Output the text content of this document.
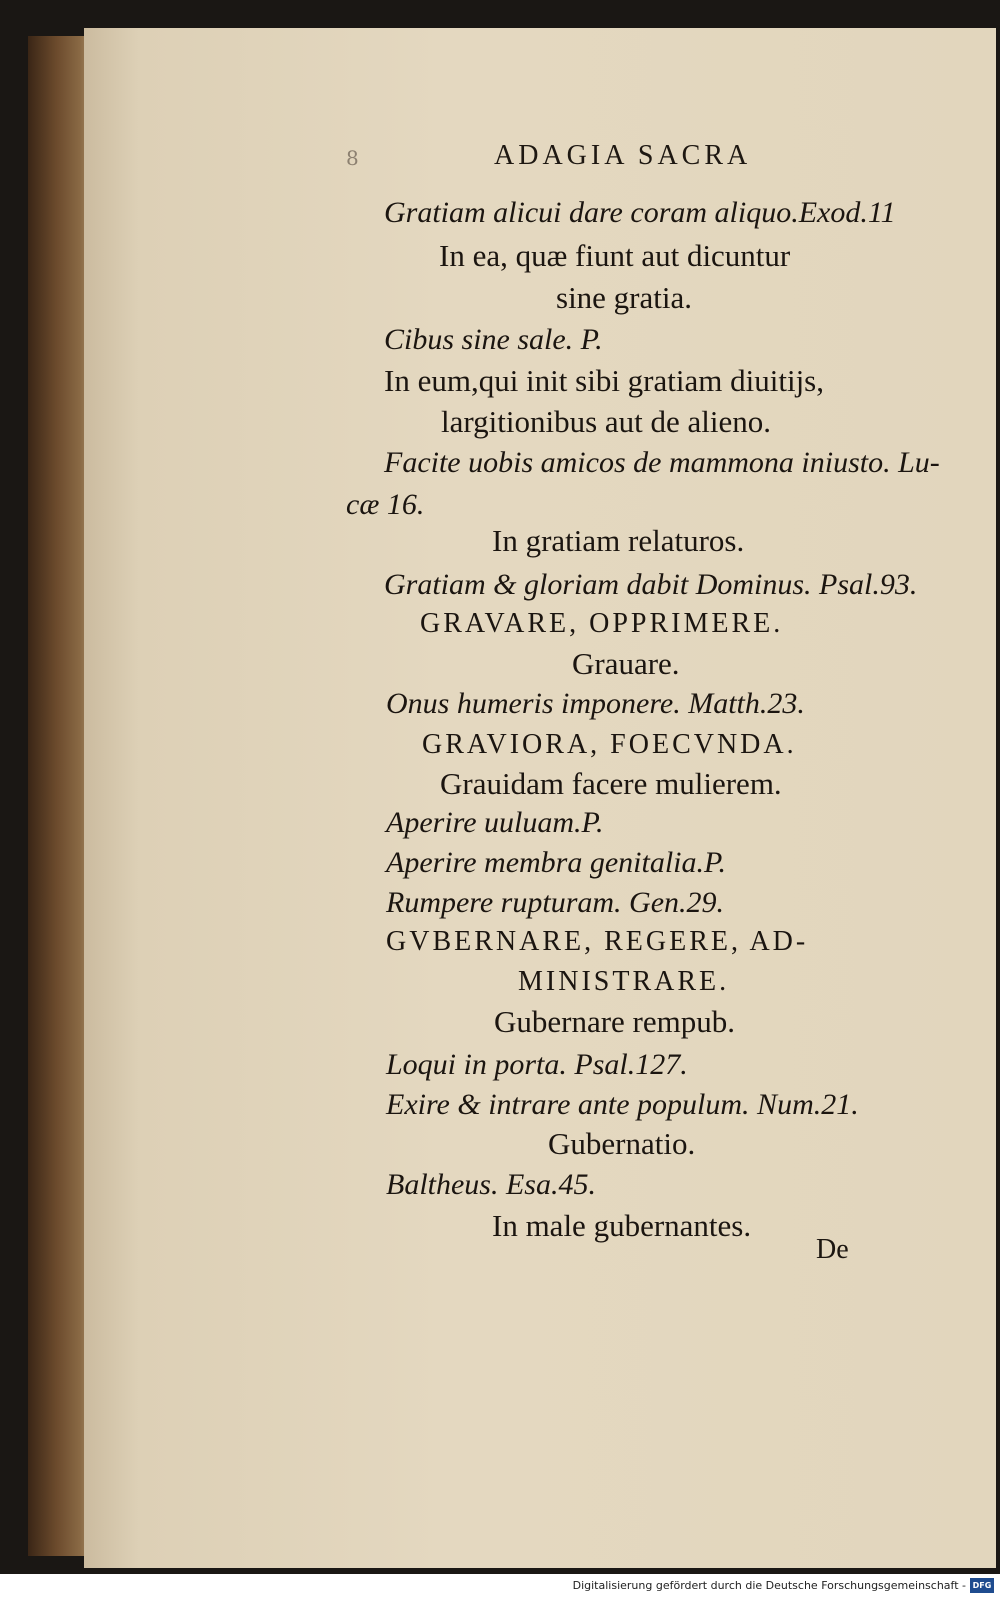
8	ADAGIA SACRA
Gratiam alicui dare coram aliquo.Exod.11
In ea, quæ fiunt aut dicuntur
sine gratia.
Cibus sine sale. P.
In eum,qui init sibi gratiam diuitijs,
largitionibus aut de alieno.
Facite uobis amicos de mammona iniusto. Lu-
cæ 16.
In gratiam relaturos.
Gratiam & gloriam dabit Dominus. Psal.93.
GRAVARE, OPPRIMERE.
Grauare.
Onus humeris imponere. Matth.23.
GRAVIORA, FOECVNDA.
Grauidam facere mulierem.
Aperire uuluam.P.
Aperire membra genitalia.P.
Rumpere rupturam. Gen.29.
GVBERNARE, REGERE, AD-
MINISTRARE.
Gubernare rempub.
Loqui in porta. Psal.127.
Exire & intrare ante populum. Num.21.
Gubernatio.
Baltheus. Esa.45.
In male gubernantes.
De
Digitalisierung gefördert durch die Deutsche Forschungsgemeinschaft - DFG
